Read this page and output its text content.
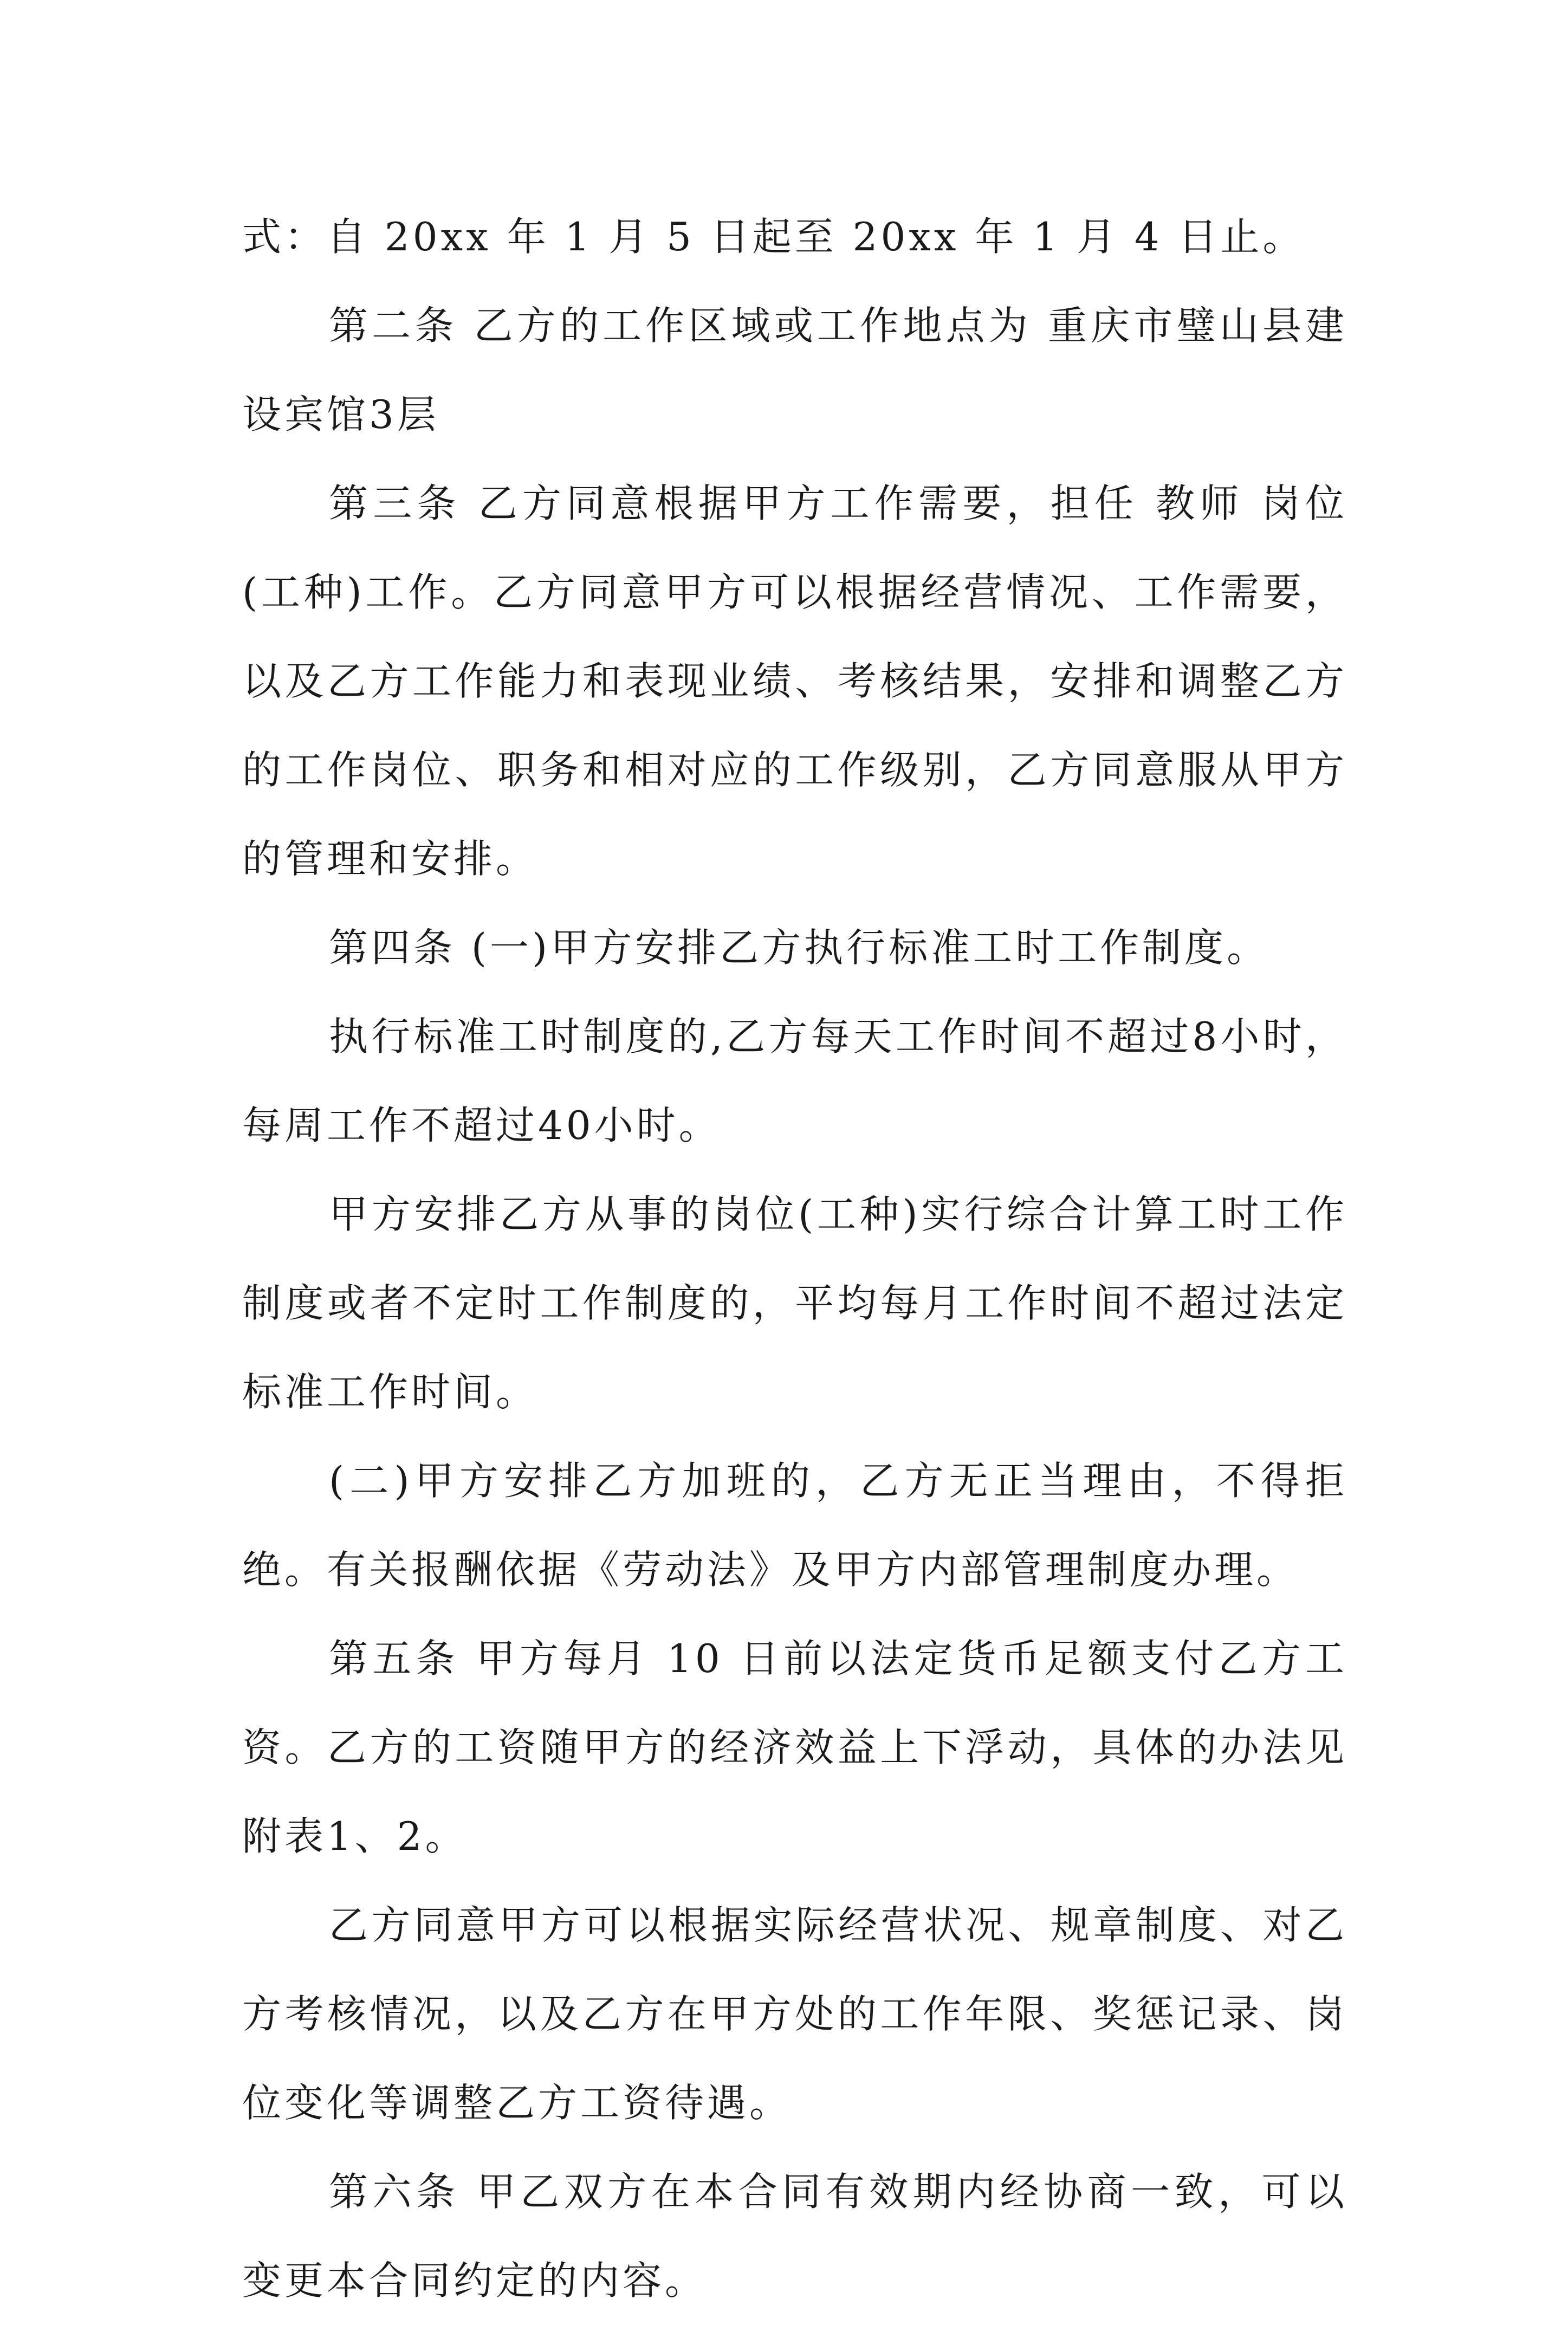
式：自 20xx 年 1 月 5 日起至 20xx 年 1 月 4 日止。

第二条 乙方的工作区域或工作地点为 重庆市璧山县建设宾馆3层

第三条 乙方同意根据甲方工作需要，担任 教师 岗位(工种)工作。乙方同意甲方可以根据经营情况、工作需要，以及乙方工作能力和表现业绩、考核结果，安排和调整乙方的工作岗位、职务和相对应的工作级别，乙方同意服从甲方的管理和安排。

第四条 (一)甲方安排乙方执行标准工时工作制度。

执行标准工时制度的,乙方每天工作时间不超过8小时，每周工作不超过40小时。

甲方安排乙方从事的岗位(工种)实行综合计算工时工作制度或者不定时工作制度的，平均每月工作时间不超过法定标准工作时间。

(二)甲方安排乙方加班的，乙方无正当理由，不得拒绝。有关报酬依据《劳动法》及甲方内部管理制度办理。

第五条 甲方每月 10 日前以法定货币足额支付乙方工资。乙方的工资随甲方的经济效益上下浮动，具体的办法见附表1、2。

乙方同意甲方可以根据实际经营状况、规章制度、对乙方考核情况，以及乙方在甲方处的工作年限、奖惩记录、岗位变化等调整乙方工资待遇。

第六条 甲乙双方在本合同有效期内经协商一致，可以变更本合同约定的内容。
